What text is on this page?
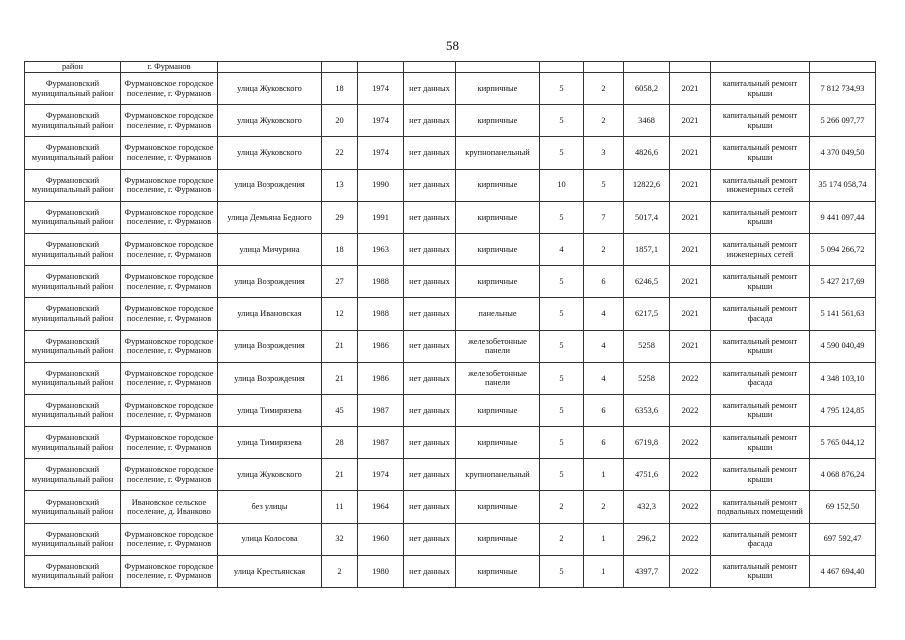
58
район	г. Фурманов											
Фурмановский муниципальный район	Фурмановское городское поселение, г. Фурманов	улица Жуковского	18	1974	нет данных	кирпичные	5	2	6058,2	2021	капитальный ремонт крыши	7 812 734,93
Фурмановский муниципальный район	Фурмановское городское поселение, г. Фурманов	улица Жуковского	20	1974	нет данных	кирпичные	5	2	3468	2021	капитальный ремонт крыши	5 266 097,77
Фурмановский муниципальный район	Фурмановское городское поселение, г. Фурманов	улица Жуковского	22	1974	нет данных	крупнопанельный	5	3	4826,6	2021	капитальный ремонт крыши	4 370 049,50
Фурмановский муниципальный район	Фурмановское городское поселение, г. Фурманов	улица Возрождения	13	1990	нет данных	кирпичные	10	5	12822,6	2021	капитальный ремонт инженерных сетей	35 174 058,74
Фурмановский муниципальный район	Фурмановское городское поселение, г. Фурманов	улица Демьяна Бедного	29	1991	нет данных	кирпичные	5	7	5017,4	2021	капитальный ремонт крыши	9 441 097,44
Фурмановский муниципальный район	Фурмановское городское поселение, г. Фурманов	улица Мичурина	18	1963	нет данных	кирпичные	4	2	1857,1	2021	капитальный ремонт инженерных сетей	5 094 266,72
Фурмановский муниципальный район	Фурмановское городское поселение, г. Фурманов	улица Возрождения	27	1988	нет данных	кирпичные	5	6	6246,5	2021	капитальный ремонт крыши	5 427 217,69
Фурмановский муниципальный район	Фурмановское городское поселение, г. Фурманов	улица Ивановская	12	1988	нет данных	панельные	5	4	6217,5	2021	капитальный ремонт фасада	5 141 561,63
Фурмановский муниципальный район	Фурмановское городское поселение, г. Фурманов	улица Возрождения	21	1986	нет данных	железобетонные панели	5	4	5258	2021	капитальный ремонт крыши	4 590 040,49
Фурмановский муниципальный район	Фурмановское городское поселение, г. Фурманов	улица Возрождения	21	1986	нет данных	железобетонные панели	5	4	5258	2022	капитальный ремонт фасада	4 348 103,10
Фурмановский муниципальный район	Фурмановское городское поселение, г. Фурманов	улица Тимирязева	45	1987	нет данных	кирпичные	5	6	6353,6	2022	капитальный ремонт крыши	4 795 124,85
Фурмановский муниципальный район	Фурмановское городское поселение, г. Фурманов	улица Тимирязева	28	1987	нет данных	кирпичные	5	6	6719,8	2022	капитальный ремонт крыши	5 765 044,12
Фурмановский муниципальный район	Фурмановское городское поселение, г. Фурманов	улица Жуковского	21	1974	нет данных	крупнопанельный	5	1	4751,6	2022	капитальный ремонт крыши	4 068 876,24
Фурмановский муниципальный район	Ивановское сельское поселение, д. Иванково	без улицы	11	1964	нет данных	кирпичные	2	2	432,3	2022	капитальный ремонт подвальных помещений	69 152,50
Фурмановский муниципальный район	Фурмановское городское поселение, г. Фурманов	улица Колосова	32	1960	нет данных	кирпичные	2	1	296,2	2022	капитальный ремонт фасада	697 592,47
Фурмановский муниципальный район	Фурмановское городское поселение, г. Фурманов	улица Крестьянская	2	1980	нет данных	кирпичные	5	1	4397,7	2022	капитальный ремонт крыши	4 467 694,40
